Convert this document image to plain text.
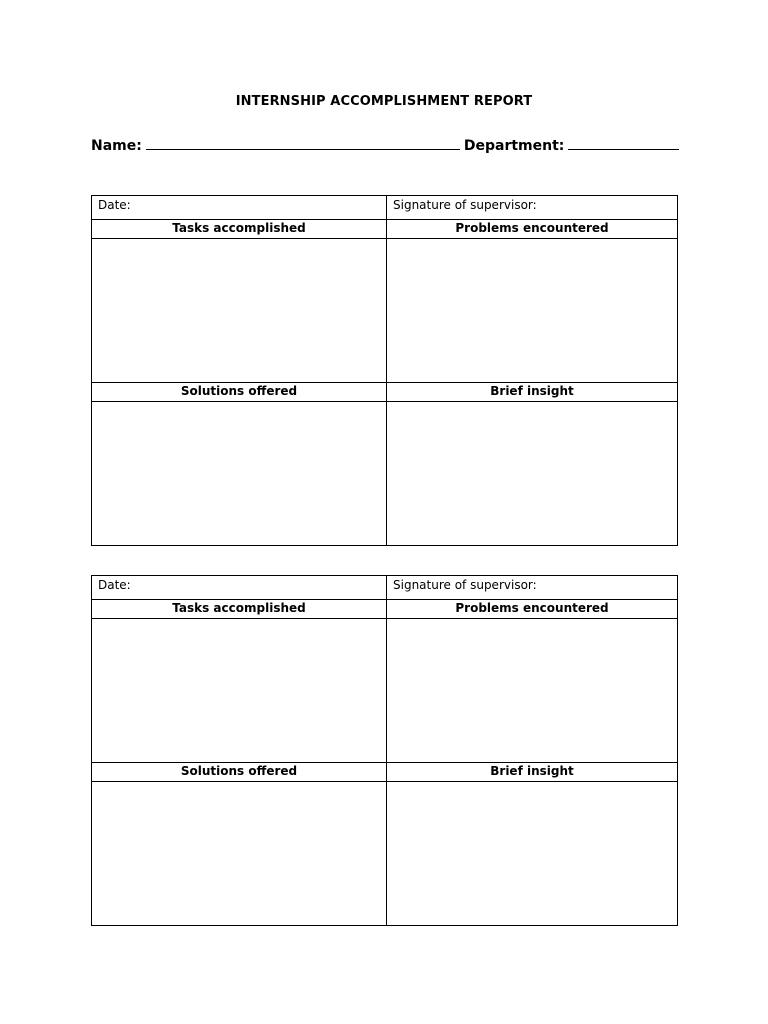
INTERNSHIP ACCOMPLISHMENT REPORT
Name:	Department:
Date:	Signature of supervisor:
Tasks accomplished	Problems encountered
Solutions offered	Brief insight
Date:	Signature of supervisor:
Tasks accomplished	Problems encountered
Solutions offered	Brief insight
